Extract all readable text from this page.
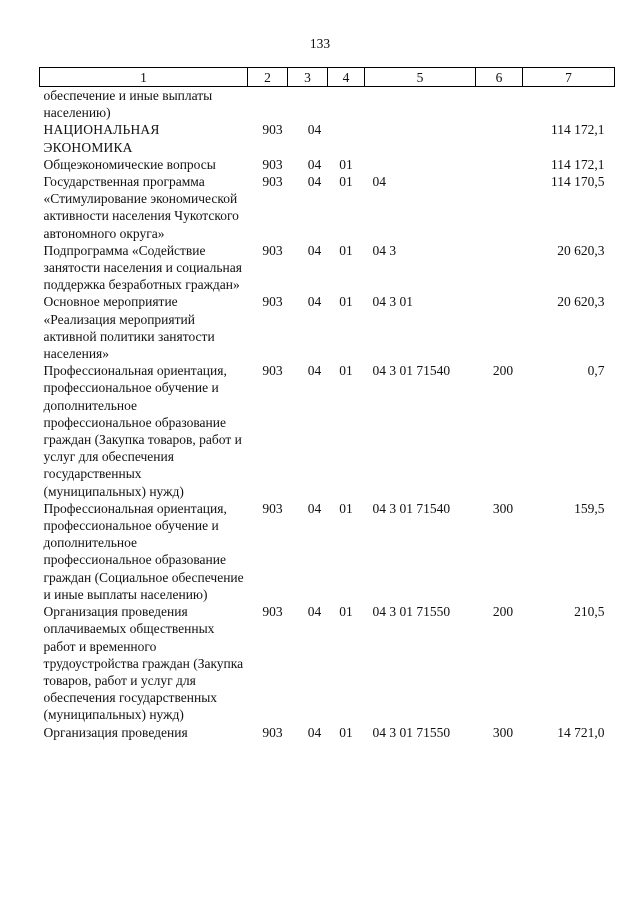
133
1	2	3	4	5	6	7
обеспечение и иные выплаты населению)						
НАЦИОНАЛЬНАЯ ЭКОНОМИКА	903	04				114 172,1
Общеэкономические вопросы	903	04	01			114 172,1
Государственная программа «Стимулирование экономической активности населения Чукотского автономного округа»	903	04	01	04		114 170,5
Подпрограмма «Содействие занятости населения и социальная поддержка безработных граждан»	903	04	01	04 3		20 620,3
Основное мероприятие «Реализация мероприятий активной политики занятости населения»	903	04	01	04 3 01		20 620,3
Профессиональная ориентация, профессиональное обучение и дополнительное профессиональное образование граждан (Закупка товаров, работ и услуг для обеспечения государственных (муниципальных) нужд)	903	04	01	04 3 01 71540	200	0,7
Профессиональная ориентация, профессиональное обучение и дополнительное профессиональное образование граждан (Социальное обеспечение и иные выплаты населению)	903	04	01	04 3 01 71540	300	159,5
Организация проведения оплачиваемых общественных работ и временного трудоустройства граждан (Закупка товаров, работ и услуг для обеспечения государственных (муниципальных) нужд)	903	04	01	04 3 01 71550	200	210,5
Организация проведения	903	04	01	04 3 01 71550	300	14 721,0
